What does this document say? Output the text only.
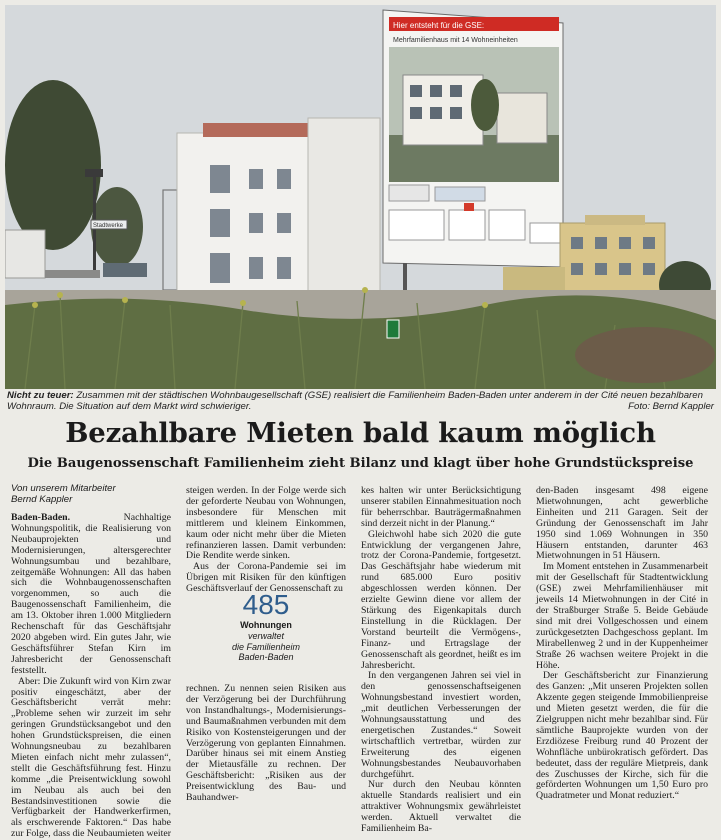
Stadtwerke
Hier entsteht für die GSE:
Mehrfamilienhaus mit 14 Wohneinheiten
Nicht zu teuer: Zusammen mit der städtischen Wohnbaugesellschaft (GSE) realisiert die Familienheim Baden-Baden unter anderem in der Cité neuen bezahlbaren Wohnraum. Die Situation auf dem Markt wird schwieriger.	Foto: Bernd Kappler
Bezahlbare Mieten bald kaum möglich
Die Baugenossenschaft Familienheim zieht Bilanz und klagt über hohe Grundstückspreise
Von unserem Mitarbeiter
Bernd Kappler

Baden-Baden.	Nachhaltige Wohnungspolitik, die Realisierung von Neubauprojekten und Modernisierungen, altersgerechter Wohnungsumbau und bezahlbare, zeitgemäße Wohnungen: All das haben sich die Wohnbaugenossenschaften vorgenommen, so auch die Baugenossenschaft Familienheim, die am 13. Oktober ihren 1.000 Mitgliedern Rechenschaft für das Geschäftsjahr 2020 abgeben wird. Ein gutes Jahr, wie Geschäftsführer Stefan Kirn im Jahresbericht der Genossenschaft feststellt.

Aber: Die Zukunft wird von Kirn zwar positiv eingeschätzt, aber der Geschäftsbericht verrät mehr: „Probleme sehen wir zurzeit im sehr geringen Grundstücksangebot und den hohen Grundstückspreisen, die einen Wohnungsneubau zu bezahlbaren Mieten einfach nicht mehr zulassen“, stellt die Geschäftsführung fest. Hinzu komme „die Preisentwicklung sowohl im Neubau als auch bei den Bestandsinvestitionen sowie die Verfügbarkeit der Handwerkerfirmen, als erschwerende Faktoren.“ Das habe zur Folge, dass die Neubaumieten weiter

steigen werden. In der Folge werde sich der geforderte Neubau von Wohnungen, insbesondere für Menschen mit mittlerem und kleinem Einkommen, kaum oder nicht mehr über die Mieten refinanzieren lassen. Damit verbunden: Die Rendite werde sinken.

Aus der Corona-Pandemie sei im Übrigen mit Risiken für den künftigen Geschäftsverlauf der Genossenschaft zu

485
Wohnungen
verwaltet
die Familienheim
Baden-Baden

rechnen. Zu nennen seien Risiken aus der Verzögerung bei der Durchführung von Instandhaltungs-, Modernisierungs- und Baumaßnahmen verbunden mit dem Risiko von Kostensteigerungen und der Verzögerung von geplanten Einnahmen. Darüber hinaus sei mit einem Anstieg der Mietausfälle zu rechnen. Der Geschäftsbericht: „Risiken aus der Preisentwicklung des Bau- und Bauhandwer-

kes halten wir unter Berücksichtigung unserer stabilen Einnahmesituation noch für beherrschbar. Bauträgermaßnahmen sind derzeit nicht in der Planung.“

Gleichwohl habe sich 2020 die gute Entwicklung der vergangenen Jahre, trotz der Corona-Pandemie, fortgesetzt. Das Geschäftsjahr habe wiederum mit rund 685.000 Euro positiv abgeschlossen werden können. Der erzielte Gewinn diene vor allem der Stärkung des Eigenkapitals durch Einstellung in die Rücklagen. Der Vorstand beurteilt die Vermögens-, Finanz- und Ertragslage der Genossenschaft als geordnet, heißt es im Jahresbericht.

In den vergangenen Jahren sei viel in den genossenschaftseigenen Wohnungsbestand investiert worden, „mit deutlichen Verbesserungen der Wohnungsausstattung und des energetischen Zustandes.“ Soweit wirtschaftlich vertretbar, würden zur Erweiterung des eigenen Wohnungsbestandes Neubauvorhaben durchgeführt.

Nur durch den Neubau könnten aktuelle Standards realisiert und ein attraktiver Wohnungsmix gewährleistet werden. Aktuell verwaltet die Familienheim Ba-

den-Baden insgesamt 498 eigene Mietwohnungen, acht gewerbliche Einheiten und 211 Garagen. Seit der Gründung der Genossenschaft im Jahr 1950 sind 1.069 Wohnungen in 350 Häusern entstanden, darunter 463 Mietwohnungen in 51 Häusern.

Im Moment entstehen in Zusammenarbeit mit der Gesellschaft für Stadtentwicklung (GSE) zwei Mehrfamilienhäuser mit jeweils 14 Mietwohnungen in der Cité in der Straßburger Straße 5. Beide Gebäude sind mit drei Vollgeschossen und einem zurückgesetzten Dachgeschoss geplant. Im Mirabellenweg 2 und in der Kuppenheimer Straße 26 wachsen weitere Projekt in die Höhe.

Der Geschäftsbericht zur Finanzierung des Ganzen: „Mit unseren Projekten sollen Akzente gegen steigende Immobilienpreise und Mieten gesetzt werden, die für die Zielgruppen nicht mehr bezahlbar sind. Für sämtliche Bauprojekte wurden von der Erzdiözese Freiburg rund 40 Prozent der Wohnfläche unbürokratisch gefördert. Das bedeutet, dass der reguläre Mietpreis, dank des Zuschusses der Kirche, sich für die geförderten Wohnungen um 1,50 Euro pro Quadratmeter und Monat reduziert.“
